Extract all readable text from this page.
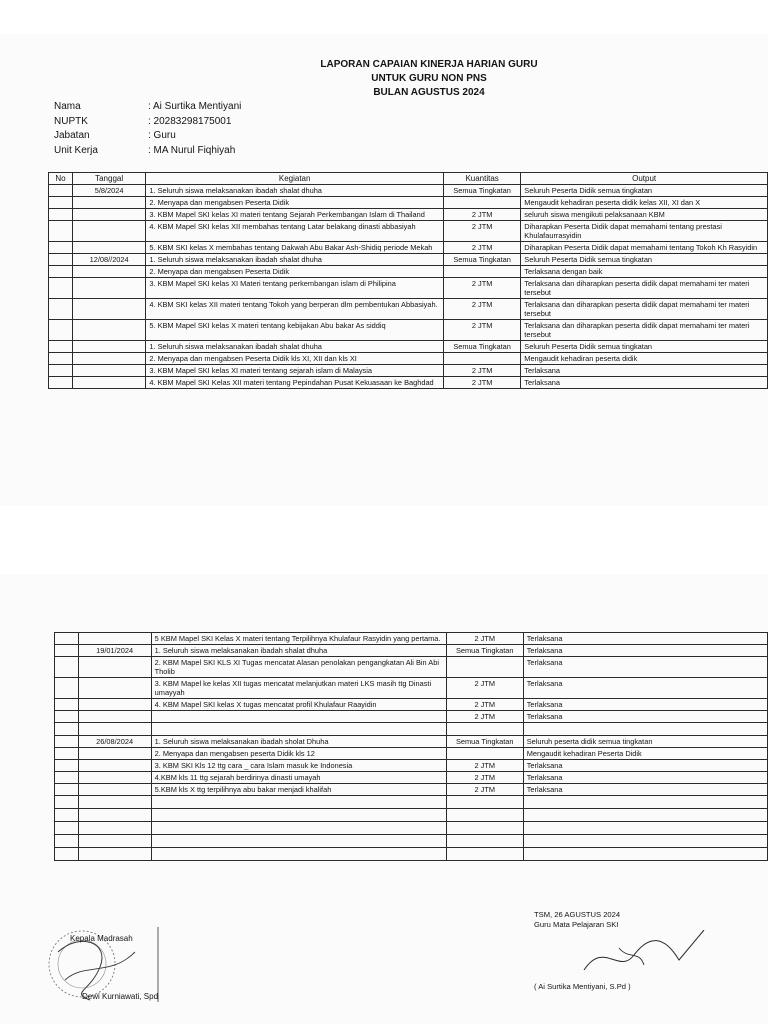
LAPORAN CAPAIAN KINERJA HARIAN GURU
UNTUK GURU NON PNS
BULAN AGUSTUS 2024
Nama	: Ai Surtika Mentiyani
NUPTK	: 20283298175001
Jabatan	: Guru
Unit Kerja	: MA Nurul Fiqhiyah
No	Tanggal	Kegiatan	Kuantitas	Output
	5/8/2024	1. Seluruh siswa melaksanakan ibadah shalat dhuha	Semua Tingkatan	Seluruh Peserta Didik semua tingkatan
		2. Menyapa dan mengabsen Peserta Didik		Mengaudit kehadiran peserta didik kelas XII, XI dan X
		3. KBM Mapel SKI kelas XI materi tentang Sejarah Perkembangan Islam di Thailand	2 JTM	seluruh siswa mengikuti pelaksanaan KBM
		4. KBM Mapel SKI kelas XII membahas tentang Latar belakang dinasti abbasiyah	2 JTM	Diharapkan Peserta Didik dapat memahami tentang prestasi Khulafaurrasyidin
		5. KBM SKI kelas X membahas tentang Dakwah Abu Bakar Ash-Shidiq periode Mekah	2 JTM	Diharapkan Peserta Didik dapat memahami tentang Tokoh Kh Rasyidin
	12/08//2024	1. Seluruh siswa melaksanakan ibadah shalat dhuha	Semua Tingkatan	Seluruh Peserta Didik semua tingkatan
		2. Menyapa dan mengabsen Peserta Didik		Terlaksana dengan baik
		3. KBM Mapel SKI kelas XI Materi tentang perkembangan islam di Philipina	2 JTM	Terlaksana dan diharapkan peserta didik dapat memahami ter materi tersebut
		4. KBM SKI kelas XII materi tentang Tokoh yang berperan dlm pembentukan Abbasiyah.	2 JTM	Terlaksana dan diharapkan peserta didik dapat memahami ter materi tersebut
		5. KBM Mapel SKI kelas X materi tentang kebijakan Abu bakar As siddiq	2 JTM	Terlaksana dan diharapkan peserta didik dapat memahami ter materi tersebut
		1. Seluruh siswa melaksanakan ibadah shalat dhuha	Semua Tingkatan	Seluruh Peserta Didik semua tingkatan
		2. Menyapa dan mengabsen Peserta Didik kls XI, XII dan kls XI		Mengaudit kehadiran peserta didik
		3. KBM Mapel SKI kelas XI materi tentang sejarah islam di Malaysia	2 JTM	Terlaksana
		4. KBM Mapel SKI Kelas XII materi tentang Pepindahan Pusat Kekuasaan ke Baghdad	2 JTM	Terlaksana
		5 KBM Mapel SKI Kelas X materi tentang Terpilihnya Khulafaur Rasyidin yang pertama.	2 JTM	Terlaksana
	19/01/2024	1. Seluruh siswa melaksanakan ibadah shalat dhuha	Semua Tingkatan	Terlaksana
		2. KBM Mapel SKI KLS XI Tugas mencatat Alasan penolakan pengangkatan Ali Bin Abi Tholib		Terlaksana
		3. KBM Mapel ke kelas XII tugas mencatat melanjutkan materi LKS masih ttg Dinasti umayyah	2 JTM	Terlaksana
		4. KBM Mapel SKI kelas X tugas mencatat profil Khulafaur Raayidin	2 JTM	Terlaksana
			2 JTM	Terlaksana

	26/08/2024	1. Seluruh siswa melaksanakan ibadah sholat Dhuha	Semua Tingkatan	Seluruh peserta didik semua tingkatan
		2. Menyapa dan mengabsen peserta Didik kls 12		Mengaudit kehadiran Peserta Didik
		3. KBM SKI Kls 12 ttg cara _ cara Islam masuk ke Indonesia	2 JTM	Terlaksana
		4.KBM kls 11 ttg sejarah berdirinya dinasti umayah	2 JTM	Terlaksana
		5.KBM kls X ttg terpilihnya abu bakar menjadi khalifah	2 JTM	Terlaksana

Kepala Madrasah
Dewi Kurniawati, Spd
TSM, 26 AGUSTUS 2024
Guru Mata Pelajaran SKI
( Ai Surtika Mentiyani, S.Pd )
